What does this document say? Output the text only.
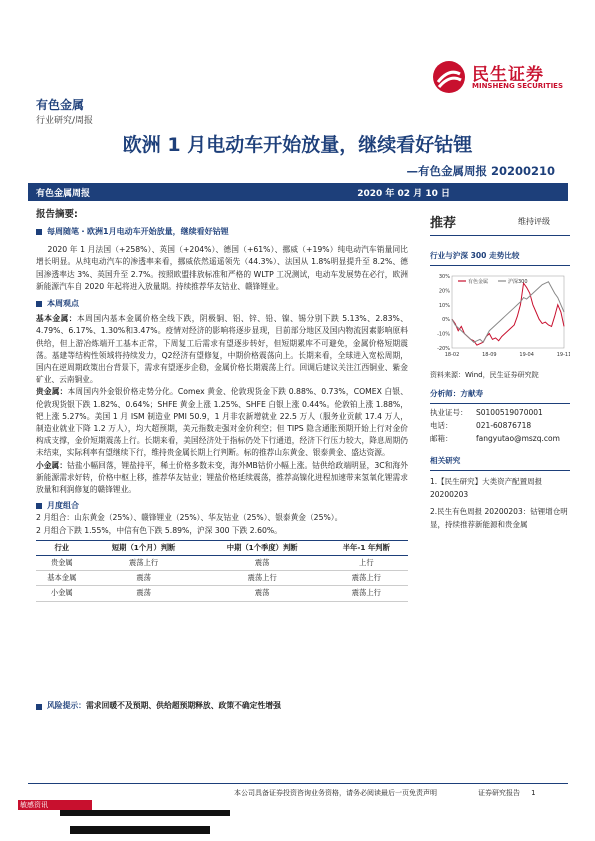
民生证券
MINSHENG SECURITIES
有色金属
行业研究/周报
欧洲 1 月电动车开始放量，继续看好钴锂
—有色金属周报 20200210
有色金属周报	2020 年 02 月 10 日
报告摘要:
每周随笔・欧洲1月电动车开始放量，继续看好钴锂

2020 年 1 月法国（+258%）、英国（+204%）、德国（+61%）、挪威（+19%）纯电动汽车销量同比增长明显。从纯电动汽车的渗透率来看，挪威依然遥遥领先（44.3%）、法国从 1.8%明显提升至 8.2%、德国渗透率达 3%、英国升至 2.7%。按照欧盟排放标准和严格的 WLTP 工况测试，电动车发展势在必行，欧洲新能源汽车自 2020 年起将进入放量期。持续推荐华友钴业、赣锋锂业。

本周观点

基本金属：本周国内基本金属价格全线下跌，阴极铜、铝、锌、铅、镍、锡分别下跌 5.13%、2.83%、4.79%、6.17%、1.30%和3.47%。疫情对经济的影响将逐步显现，目前部分地区及国内物流因素影响原料供给，但上游冶炼端开工基本正常，下周复工后需求有望逐步转好，但短期累库不可避免，金属价格短期震荡。基建等结构性领域将持续发力，Q2经济有望修复，中期价格震荡向上。长期来看，全球进入宽松周期，国内在逆周期政策出台背景下，需求有望逐步企稳，金属价格长期震荡上行。回调后建议关注江西铜业、紫金矿业、云南铜业。

贵金属：本周国内外金银价格走势分化。Comex 黄金、伦敦现货金下跌 0.88%、0.73%，COMEX 白银、伦敦现货银下跌 1.82%、0.64%；SHFE 黄金上涨 1.25%、SHFE 白银上涨 0.44%。伦敦铂上涨 1.88%，钯上涨 5.27%。美国 1 月 ISM 制造业 PMI 50.9，1 月非农新增就业 22.5 万人（服务业贡献 17.4 万人，制造业就业下降 1.2 万人），均大超预期，美元指数走强对金价利空；但 TIPS 隐含通胀预期开始上行对金价构成支撑，金价短期震荡上行。长期来看，美国经济处于指标仍处下行通道，经济下行压力较大，降息周期仍未结束，实际利率有望继续下行，维持贵金属长期上行判断。标的推荐山东黄金、银泰黄金、盛达资源。

小金属：钴盐小幅回落，锂盐持平，稀土价格多数未变，海外MB钴价小幅上涨。钴供给政端明显，3C和海外新能源需求好转，价格中枢上移，推荐华友钴业；锂盐价格延续震荡，推荐高镍化进程加速带来氢氧化锂需求放量和利润修复的赣锋锂业。

月度组合

2 月组合：山东黄金（25%）、赣锋锂业（25%）、华友钴业（25%）、银泰黄金（25%）。

2 月组合下跌 1.55%，中信有色下跌 5.89%，沪深 300 下跌 2.60%。

行业	短期（1个月）判断	中期（1个季度）判断	半年-1 年判断
贵金属	震荡上行	震荡	上行
基本金属	震荡	震荡上行	震荡上行
小金属	震荡	震荡	震荡上行
风险提示： 需求回暖不及预期、供给超预期释放、政策不确定性增强
推荐	维持评级
行业与沪深 300 走势比较
-20%
-10%
0%
10%
20%
30%
18-02	18-09	19-04	19-11
有色金属	沪深300
资料来源：Wind，民生证券研究院
分析师：方献寿
执业证号：	S0100519070001
电话：	021-60876718
邮箱：	fangyutao@mszq.com
相关研究
1.【民生研究】大类资产配置周报 20200203
2.民生有色周报 20200203：钴锂增仓明显，持续推荐新能源和贵金属
本公司具备证券投资咨询业务资格，请务必阅读最后一页免责声明	证券研究报告 1
敏感资讯
